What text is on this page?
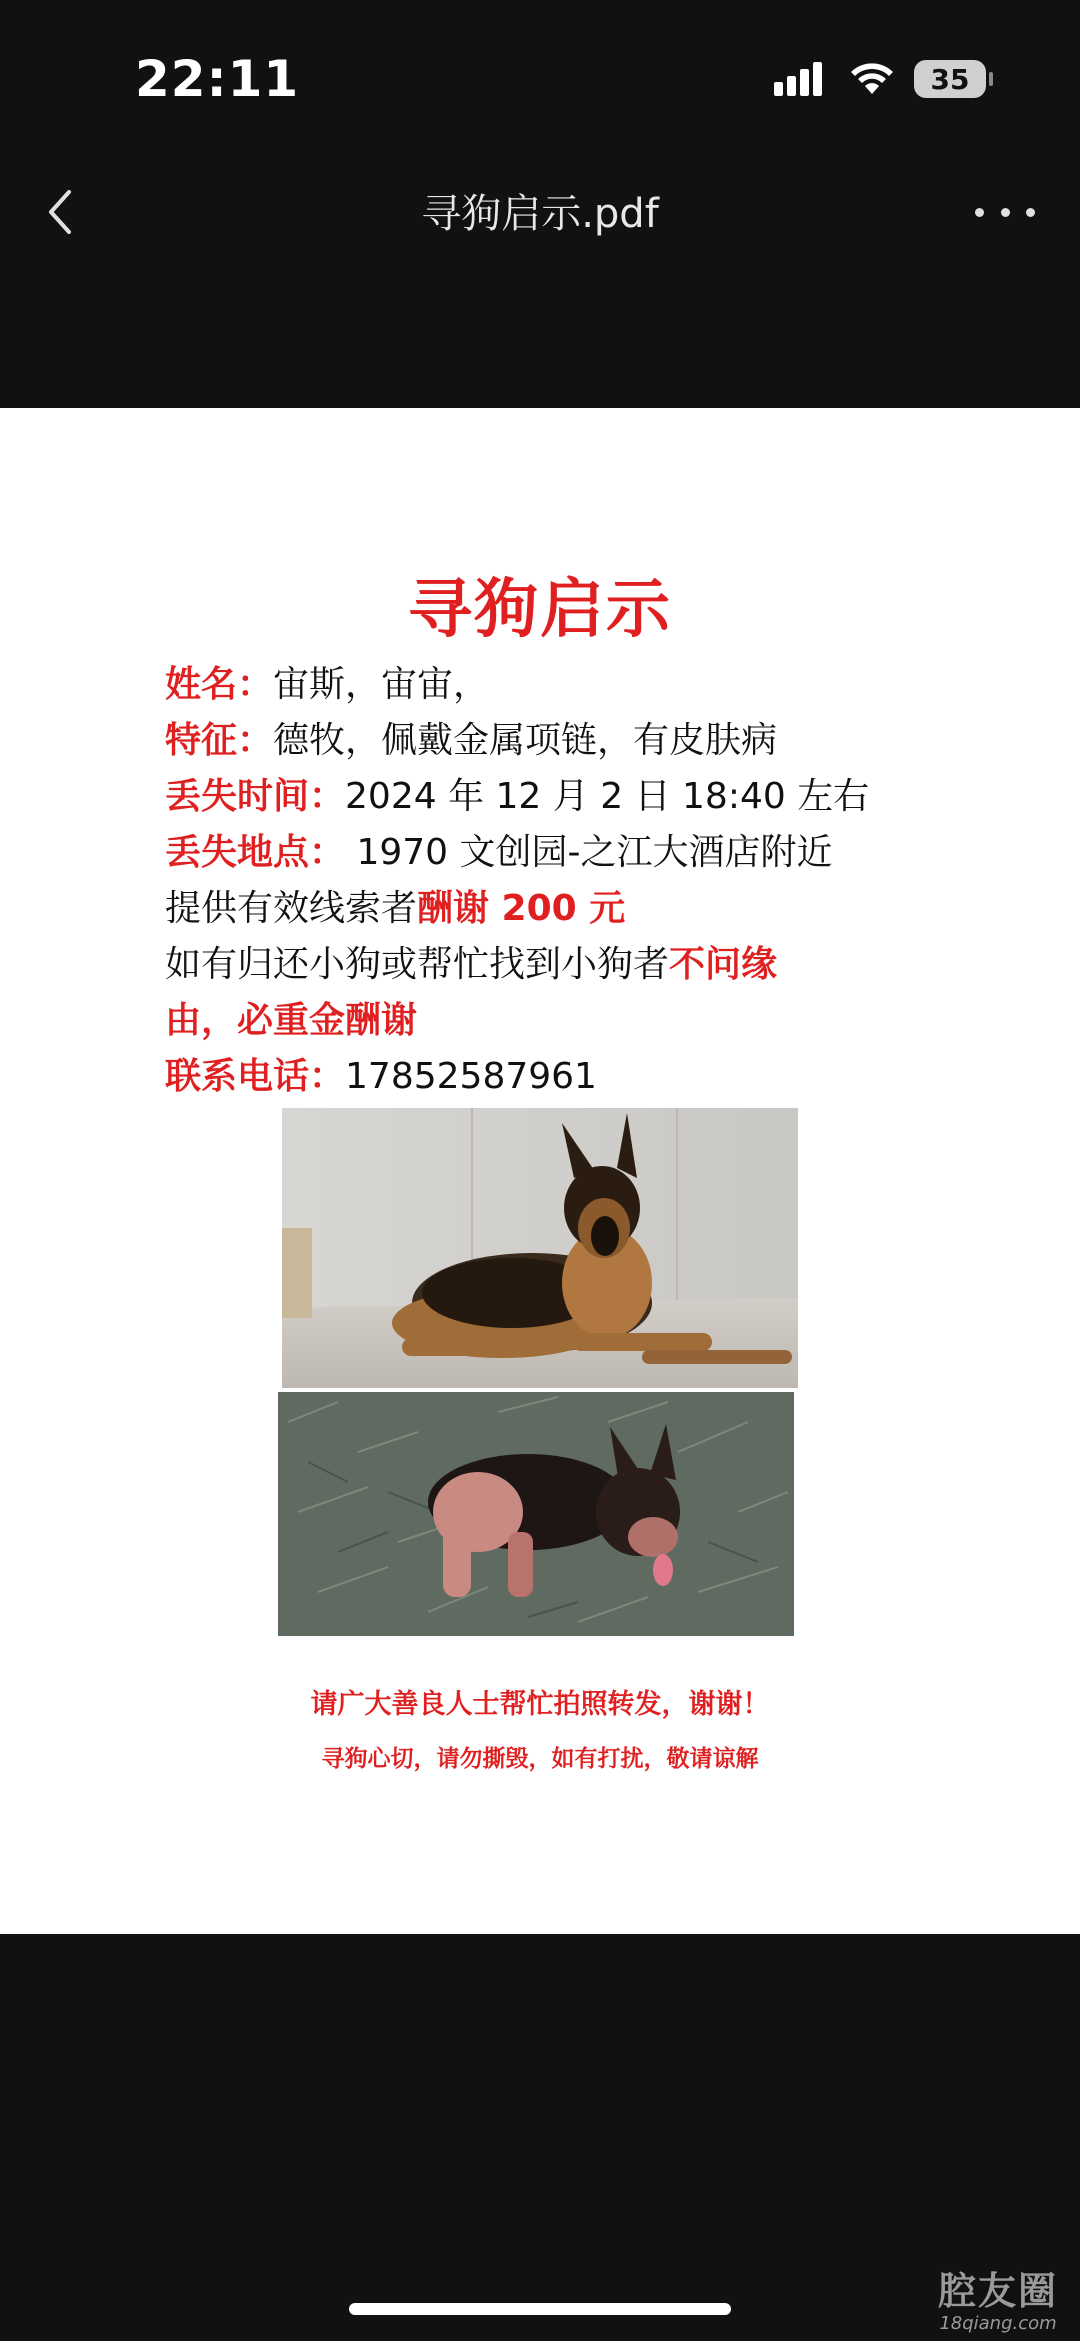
22:11	35
寻狗启示.pdf
寻狗启示
姓名：宙斯，宙宙，
特征：德牧，佩戴金属项链，有皮肤病
丢失时间：2024 年 12 月 2 日 18:40 左右
丢失地点： 1970 文创园-之江大酒店附近
提供有效线索者酬谢 200 元
如有归还小狗或帮忙找到小狗者不问缘
由，必重金酬谢
联系电话：17852587961
请广大善良人士帮忙拍照转发，谢谢！
寻狗心切，请勿撕毁，如有打扰，敬请谅解
腔友圈
18qiang.com
